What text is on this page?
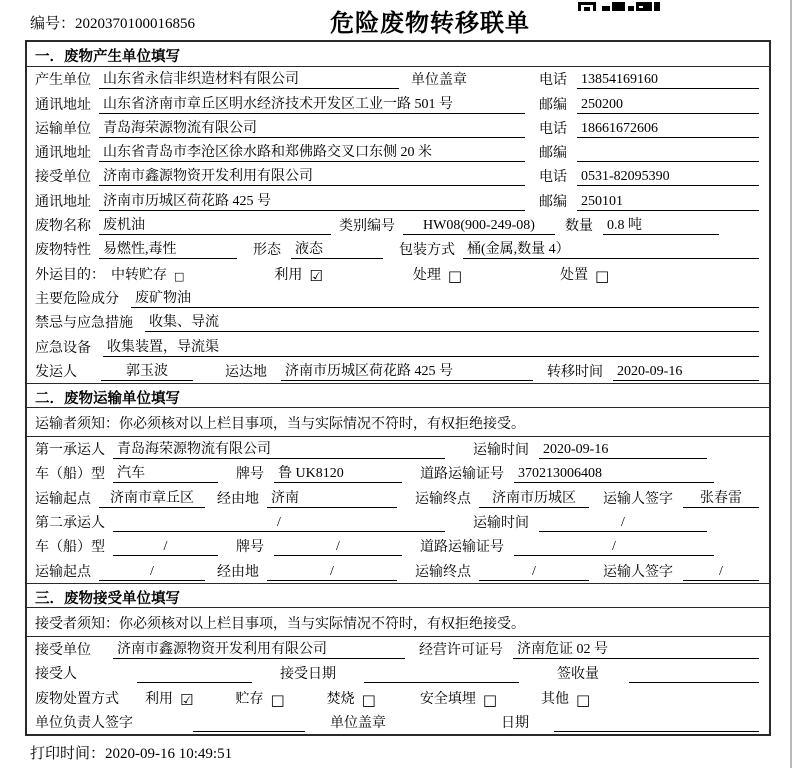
编号：2020370100016856	危险废物转移联单
一．废物产生单位填写
产生单位 山东省永信非织造材料有限公司	单位盖章	电话 13854169160
通讯地址 山东省济南市章丘区明水经济技术开发区工业一路 501 号	邮编 250200
运输单位 青岛海荣源物流有限公司	电话 18661672606
通讯地址 山东省青岛市李沧区徐水路和郑佛路交叉口东侧 20 米	邮编
接受单位 济南市鑫源物资开发利用有限公司	电话 0531-82095390
通讯地址 济南市历城区荷花路 425 号	邮编 250101
废物名称 废机油	类别编号	HW08(900-249-08)	数量 0.8 吨
废物特性 易燃性,毒性	形态 液态	包装方式 桶(金属,数量 4）
外运目的： 中转贮存 □	利用 ☑	处理 □	处置 □
主要危险成分 废矿物油
禁忌与应急措施 收集、导流
应急设备 收集装置，导流渠
发运人	郭玉波	运达地 济南市历城区荷花路 425 号	转移时间 2020-09-16
二．废物运输单位填写
运输者须知：你必须核对以上栏目事项，当与实际情况不符时，有权拒绝接受。
第一承运人 青岛海荣源物流有限公司	运输时间 2020-09-16
车（船）型 汽车	牌号 鲁 UK8120	道路运输证号 370213006408
运输起点	济南市章丘区	经由地 济南	运输终点	济南市历城区	运输人签字	张春雷
第二承运人	/	运输时间	/
车（船）型	/	牌号	/	道路运输证号	/
运输起点	/	经由地	/	运输终点	/	运输人签字	/
三．废物接受单位填写
接受者须知：你必须核对以上栏目事项，当与实际情况不符时，有权拒绝接受。
接受单位 济南市鑫源物资开发利用有限公司	经营许可证号 济南危证 02 号
接受人	接受日期	签收量
废物处置方式 利用 ☑	贮存 □	焚烧 □	安全填埋 □	其他 □
单位负责人签字	单位盖章	日期
打印时间：2020-09-16 10:49:51
